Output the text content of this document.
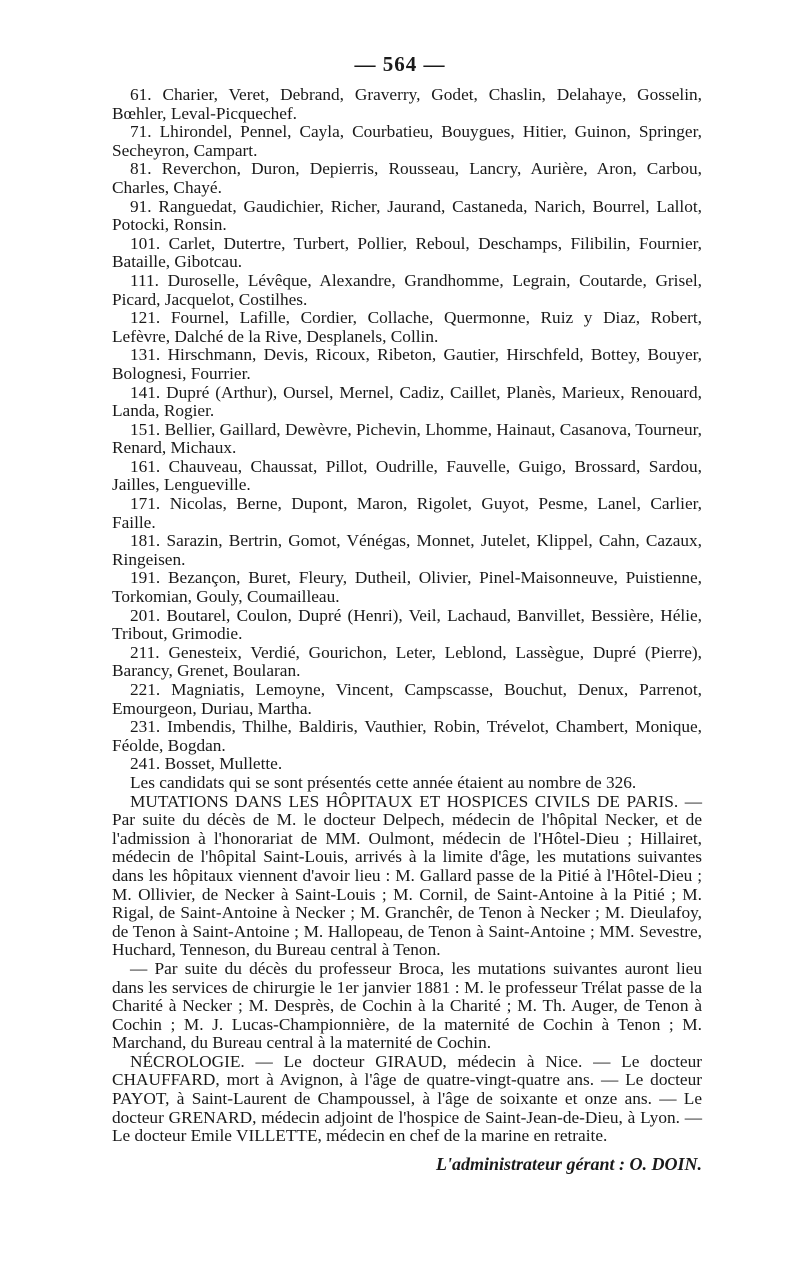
— 564 —

61. Charier, Veret, Debrand, Graverry, Godet, Chaslin, Delahaye, Gosselin, Bœhler, Leval-Picquechef.

71. Lhirondel, Pennel, Cayla, Courbatieu, Bouygues, Hitier, Guinon, Springer, Secheyron, Campart.

81. Reverchon, Duron, Depierris, Rousseau, Lancry, Aurière, Aron, Carbou, Charles, Chayé.

91. Ranguedat, Gaudichier, Richer, Jaurand, Castaneda, Narich, Bourrel, Lallot, Potocki, Ronsin.

101. Carlet, Dutertre, Turbert, Pollier, Reboul, Deschamps, Filibilin, Fournier, Bataille, Gibotcau.

111. Duroselle, Lévêque, Alexandre, Grandhomme, Legrain, Coutarde, Grisel, Picard, Jacquelot, Costilhes.

121. Fournel, Lafille, Cordier, Collache, Quermonne, Ruiz y Diaz, Robert, Lefèvre, Dalché de la Rive, Desplanels, Collin.

131. Hirschmann, Devis, Ricoux, Ribeton, Gautier, Hirschfeld, Bottey, Bouyer, Bolognesi, Fourrier.

141. Dupré (Arthur), Oursel, Mernel, Cadiz, Caillet, Planès, Marieux, Renouard, Landa, Rogier.

151. Bellier, Gaillard, Dewèvre, Pichevin, Lhomme, Hainaut, Casanova, Tourneur, Renard, Michaux.

161. Chauveau, Chaussat, Pillot, Oudrille, Fauvelle, Guigo, Brossard, Sardou, Jailles, Lengueville.

171. Nicolas, Berne, Dupont, Maron, Rigolet, Guyot, Pesme, Lanel, Carlier, Faille.

181. Sarazin, Bertrin, Gomot, Vénégas, Monnet, Jutelet, Klippel, Cahn, Cazaux, Ringeisen.

191. Bezançon, Buret, Fleury, Dutheil, Olivier, Pinel-Maisonneuve, Puistienne, Torkomian, Gouly, Coumailleau.

201. Boutarel, Coulon, Dupré (Henri), Veil, Lachaud, Banvillet, Bessière, Hélie, Tribout, Grimodie.

211. Genesteix, Verdié, Gourichon, Leter, Leblond, Lassègue, Dupré (Pierre), Barancy, Grenet, Boularan.

221. Magniatis, Lemoyne, Vincent, Campscasse, Bouchut, Denux, Parrenot, Emourgeon, Duriau, Martha.

231. Imbendis, Thilhe, Baldiris, Vauthier, Robin, Trévelot, Chambert, Monique, Féolde, Bogdan.

241. Bosset, Mullette.

Les candidats qui se sont présentés cette année étaient au nombre de 326.

MUTATIONS DANS LES HÔPITAUX ET HOSPICES CIVILS DE PARIS. — Par suite du décès de M. le docteur Delpech, médecin de l'hôpital Necker, et de l'admission à l'honorariat de MM. Oulmont, médecin de l'Hôtel-Dieu ; Hillairet, médecin de l'hôpital Saint-Louis, arrivés à la limite d'âge, les mutations suivantes dans les hôpitaux viennent d'avoir lieu : M. Gallard passe de la Pitié à l'Hôtel-Dieu ; M. Ollivier, de Necker à Saint-Louis ; M. Cornil, de Saint-Antoine à la Pitié ; M. Rigal, de Saint-Antoine à Necker ; M. Granchêr, de Tenon à Necker ; M. Dieulafoy, de Tenon à Saint-Antoine ; M. Hallopeau, de Tenon à Saint-Antoine ; MM. Sevestre, Huchard, Tenneson, du Bureau central à Tenon.

— Par suite du décès du professeur Broca, les mutations suivantes auront lieu dans les services de chirurgie le 1er janvier 1881 : M. le professeur Trélat passe de la Charité à Necker ; M. Desprès, de Cochin à la Charité ; M. Th. Auger, de Tenon à Cochin ; M. J. Lucas-Championnière, de la maternité de Cochin à Tenon ; M. Marchand, du Bureau central à la maternité de Cochin.

NÉCROLOGIE. — Le docteur GIRAUD, médecin à Nice. — Le docteur CHAUFFARD, mort à Avignon, à l'âge de quatre-vingt-quatre ans. — Le docteur PAYOT, à Saint-Laurent de Champoussel, à l'âge de soixante et onze ans. — Le docteur GRENARD, médecin adjoint de l'hospice de Saint-Jean-de-Dieu, à Lyon. — Le docteur Emile VILLETTE, médecin en chef de la marine en retraite.

L'administrateur gérant : O. DOIN.
